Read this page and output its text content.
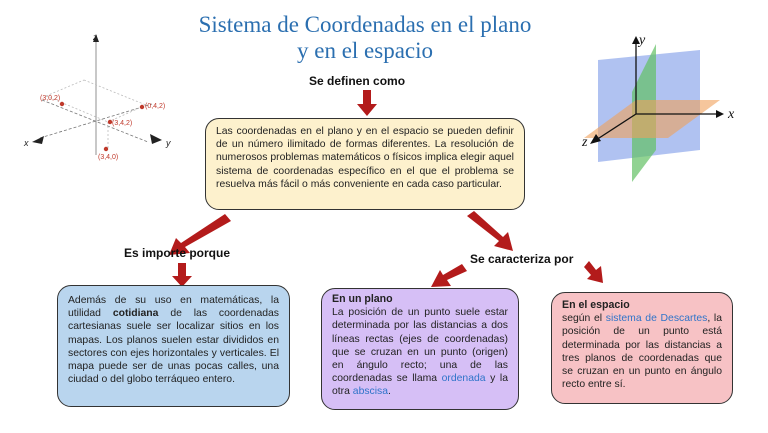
Sistema de Coordenadas en el plano y en el espacio
x	y
z
(3,0,2)
(0,4,2)
(3,4,2)
(3,4,0)
x
y
z
Se definen como
Es importe porque	Se caracteriza por
Las coordenadas en el plano y en el espacio se pueden definir de un número ilimitado de formas diferentes. La resolución de numerosos problemas matemáticos o físicos implica elegir aquel sistema de coordenadas específico en el que el problema se resuelva más fácil o más conveniente en cada caso particular.
Además de su uso en matemáticas, la utilidad cotidiana de las coordenadas cartesianas suele ser localizar sitios en los mapas. Los planos suelen estar divididos en sectores con ejes horizontales y verticales. El mapa puede ser de unas pocas calles, una ciudad o del globo terráqueo entero.
En un plano
La posición de un punto suele estar determinada por las distancias a dos líneas rectas (ejes de coordenadas) que se cruzan en un punto (origen) en ángulo recto; una de las coordenadas se llama ordenada y la otra abscisa.
En el espacio
según el sistema de Descartes, la posición de un punto está determinada por las distancias a tres planos de coordenadas que se cruzan en un punto en ángulo recto entre sí.
